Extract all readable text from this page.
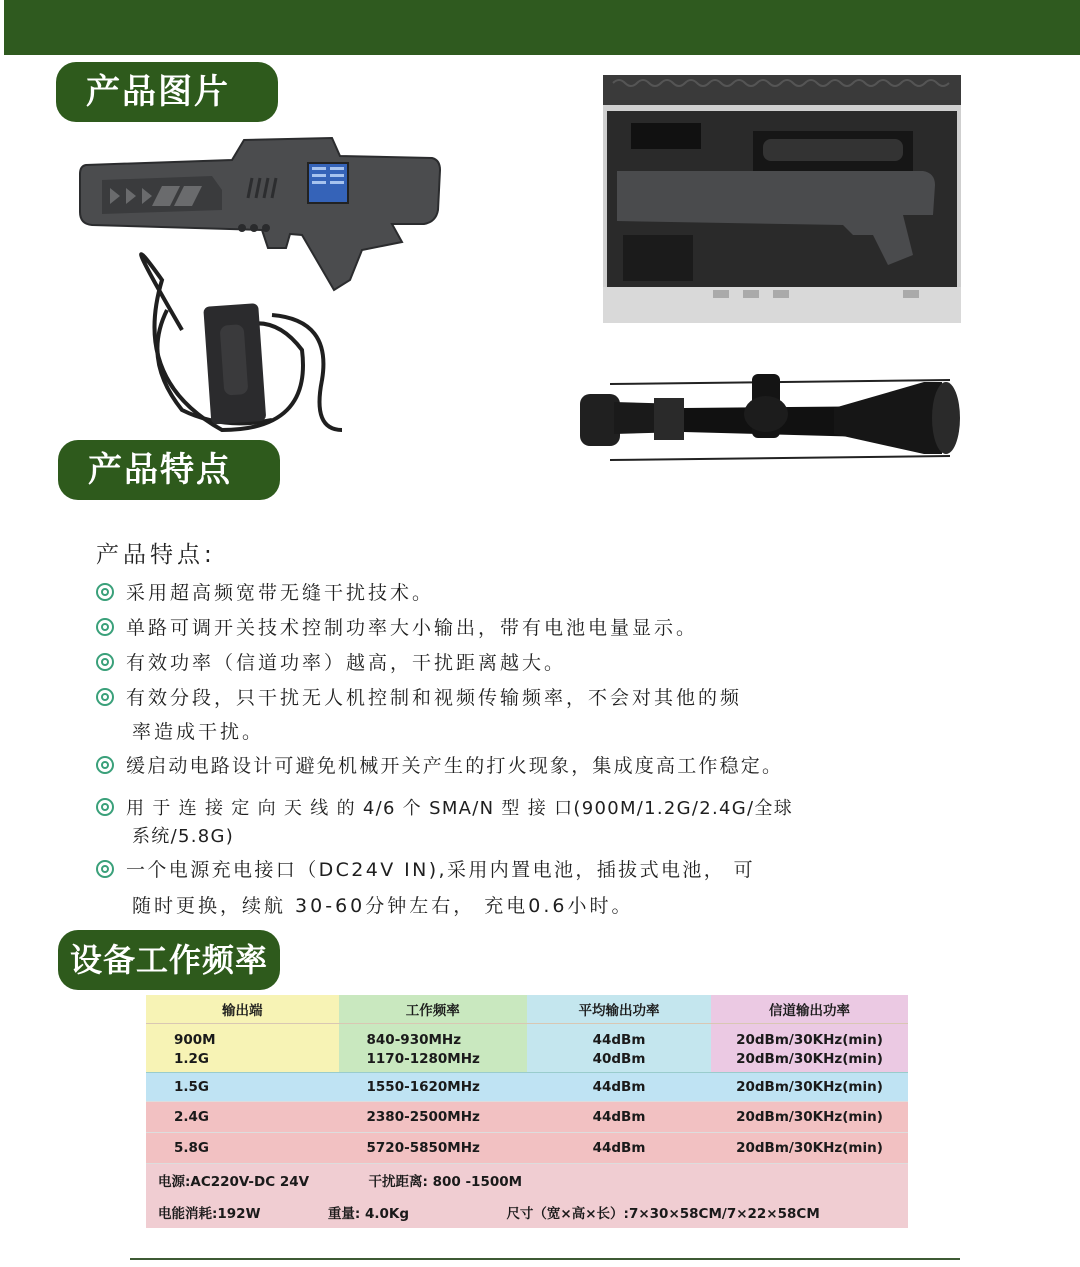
产品图片
产品特点
产品特点:
采用超高频宽带无缝干扰技术。
单路可调开关技术控制功率大小输出，带有电池电量显示。
有效功率（信道功率）越高，干扰距离越大。
有效分段，只干扰无人机控制和视频传输频率，不会对其他的频
率造成干扰。
缓启动电路设计可避免机械开关产生的打火现象，集成度高工作稳定。
用 于 连 接 定 向 天 线 的 4/6 个 SMA/N 型 接 口(900M/1.2G/2.4G/全球
系统/5.8G)
一个电源充电接口（DC24V IN),采用内置电池，插拔式电池， 可
随时更换，续航 30-60分钟左右， 充电0.6小时。
设备工作频率
输出端	工作频率	平均输出功率	信道输出功率
900M	840-930MHz	44dBm	20dBm/30KHz(min)
1.2G	1170-1280MHz	40dBm	20dBm/30KHz(min)
1.5G	1550-1620MHz	44dBm	20dBm/30KHz(min)
2.4G	2380-2500MHz	44dBm	20dBm/30KHz(min)
5.8G	5720-5850MHz	44dBm	20dBm/30KHz(min)
电源:AC220V-DC 24V 干扰距离: 800 -1500M			
电能消耗:192W 重量: 4.0Kg 尺寸（宽×高×长）:7×30×58CM/7×22×58CM			
